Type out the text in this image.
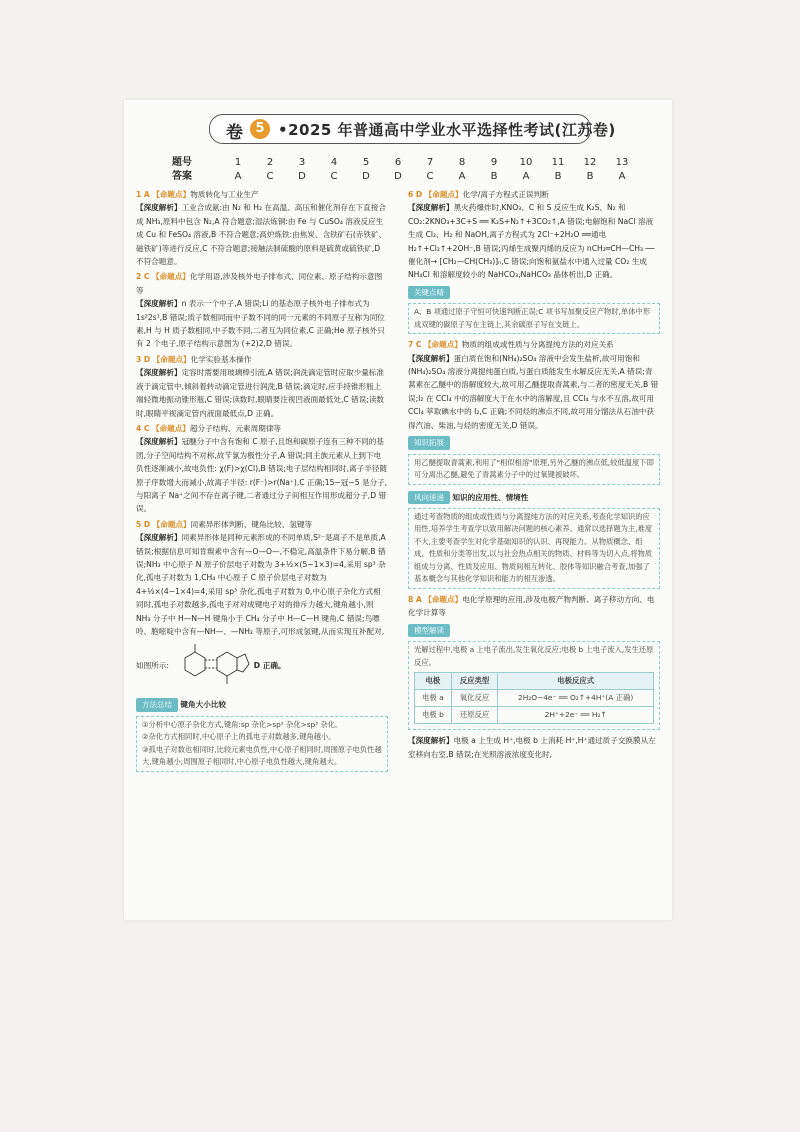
卷 5 •2025 年普通高中学业水平选择性考试(江苏卷)
题号	1	2	3	4	5	6	7	8	9	10	11	12	13
答案	A	C	D	C	D	D	C	A	B	A	B	B	A

1 A 【命题点】物质转化与工业生产
【深度解析】工业合成氨:由 N₂ 和 H₂ 在高温、高压和催化剂存在下直接合成 NH₃,原料中包含 N₂,A 符合题意;湿法炼铜:由 Fe 与 CuSO₄ 溶液反应生成 Cu 和 FeSO₄ 溶液,B 不符合题意;高炉炼铁:由焦炭、含铁矿石(赤铁矿、磁铁矿)等进行反应,C 不符合题意;接触法制硫酸的原料是硫黄或硫铁矿,D 不符合题意。

2 C 【命题点】化学用语,涉及核外电子排布式、同位素、原子结构示意图等
【深度解析】n 表示一个中子,A 错误;Li 的基态原子核外电子排布式为 1s²2s¹,B 错误;质子数相同而中子数不同的同一元素的不同原子互称为同位素,H 与 H 质子数相同,中子数不同,二者互为同位素,C 正确;He 原子核外只有 2 个电子,原子结构示意图为 (+2)2,D 错误。

3 D 【命题点】化学实验基本操作
【深度解析】定容时需要用玻璃棒引流,A 错误;润洗滴定管时应取少量标准液于滴定管中,倾斜着转动滴定管进行润洗,B 错误;滴定时,应手持锥形瓶上端轻微地振动锥形瓶,C 错误;读数时,眼睛要注视凹液面最低处,C 错误;读数时,眼睛平视滴定管内液面最低点,D 正确。

4 C 【命题点】超分子结构、元素周期律等
【深度解析】冠醚分子中含有饱和 C 原子,且饱和碳原子连有三种不同的基团,分子空间结构不对称,故苄氯为极性分子,A 错误;同主族元素从上到下电负性逐渐减小,故电负性: χ(F)>χ(Cl),B 错误;电子层结构相同时,离子半径随原子序数增大而减小,故离子半径: r(F⁻)>r(Na⁺),C 正确;15−冠−5 是分子,与阳离子 Na⁺之间不存在离子键,二者通过分子间相互作用形成超分子,D 错误。

5 D 【命题点】同素异形体判断、键角比较、氢键等
【深度解析】同素异形体是同种元素形成的不同单质,S²⁻是离子不是单质,A 错误;根据信息可知肯羰素中含有—O—O—,不稳定,高温条件下易分解,B 错误;NH₃ 中心原子 N 原子价层电子对数为 3+½×(5−1×3)=4,采用 sp³ 杂化,孤电子对数为 1,CH₄ 中心原子 C 原子价层电子对数为 4+½×(4−1×4)=4,采用 sp³ 杂化,孤电子对数为 0,中心原子杂化方式相同时,孤电子对数越多,孤电子对对成键电子对的排斥力越大,键角越小,则 NH₃ 分子中 H—N—H 键角小于 CH₄ 分子中 H—C—H 键角,C 错误;鸟嘌呤、胞嘧啶中含有—NH—、—NH₂ 等原子,可形成氢键,从而实现互补配对,如图所示:	D 正确。

方法总结 键角大小比较
①分析中心原子杂化方式,键角:sp 杂化>sp² 杂化>sp³ 杂化。
②杂化方式相同时,中心原子上的孤电子对数越多,键角越小。
③孤电子对数也相同时,比较元素电负性,中心原子相同时,周围原子电负性越大,键角越小;周围原子相同时,中心原子电负性越大,键角越大。

6 D 【命题点】化学/离子方程式正误判断
【深度解析】黑火药爆炸时,KNO₃、C 和 S 反应生成 K₂S、N₂ 和 CO₂:2KNO₃+3C+S ══ K₂S+N₂↑+3CO₂↑,A 错误;电解饱和 NaCl 溶液生成 Cl₂、H₂ 和 NaOH,离子方程式为 2Cl⁻+2H₂O ══通电 H₂↑+Cl₂↑+2OH⁻,B 错误;丙烯生成聚丙烯的反应为 nCH₂═CH—CH₃ ──催化剂→ [CH₂—CH(CH₃)]ₙ,C 错误;向饱和氨盐水中通入过量 CO₂ 生成 NH₄Cl 和溶解度较小的 NaHCO₃,NaHCO₃ 晶体析出,D 正确。

关键点晴
A、B 项通过原子守恒可快速判断正误;C 项书写加聚反应产物时,单体中形成双键的碳原子写在主链上,其余碳原子写在支链上。

7 C 【命题点】物质的组成或性质与分离提纯方法的对应关系
【深度解析】蛋白质在饱和(NH₄)₂SO₄ 溶液中会发生盐析,故可用饱和(NH₄)₂SO₄ 溶液分离提纯蛋白质,与蛋白质能发生水解反应无关,A 错误;青蒿素在乙醚中的溶解度较大,故可用乙醚提取青蒿素,与二者的密度无关,B 错误;I₂ 在 CCl₄ 中的溶解度大于在水中的溶解度,且 CCl₄ 与水不互溶,故可用 CCl₄ 萃取碘水中的 I₂,C 正确;不同烃的沸点不同,故可用分馏法从石油中获得汽油、柴油,与烃的密度无关,D 错误。

知识拓展
用乙醚提取青蒿素,利用了"相似相溶"原理,另外乙醚的沸点低,较低温度下即可分离出乙醚,避免了青蒿素分子中的过氧键被破坏。
风向速递 知识的应用性、情境性
通过考查物质的组成或性质与分离提纯方法的对应关系,考查化学知识的应用性,培养学生考查学以致用解决问题的核心素养。通常以选择题为主,难度不大,主要考查学生对化学基础知识的认识、再现能力。从物质概念、组成、性质和分类等出发,以与社会热点相关的物质、材料等为切入点,将物质组成与分离、性质及应用、物质间相互转化、胶体等知识融合考查,加强了基本概念与其他化学知识和能力的相互渗透。

8 A 【命题点】电化学原理的应用,涉及电极产物判断、离子移动方向、电化学计算等

模型解读
光解过程中,电极 a 上电子流出,发生氧化反应;电极 b 上电子流入,发生还原反应。
电极	反应类型	电极反应式
电极 a	氧化反应	2H₂O−4e⁻ ══ O₂↑+4H⁺(A 正确)
电极 b	还原反应	2H⁺+2e⁻ ══ H₂↑

【深度解析】电极 a 上生成 H⁺,电极 b 上消耗 H⁺,H⁺通过质子交换膜从左室移向右室,B 错误;在光照溶液浓度变化时,
